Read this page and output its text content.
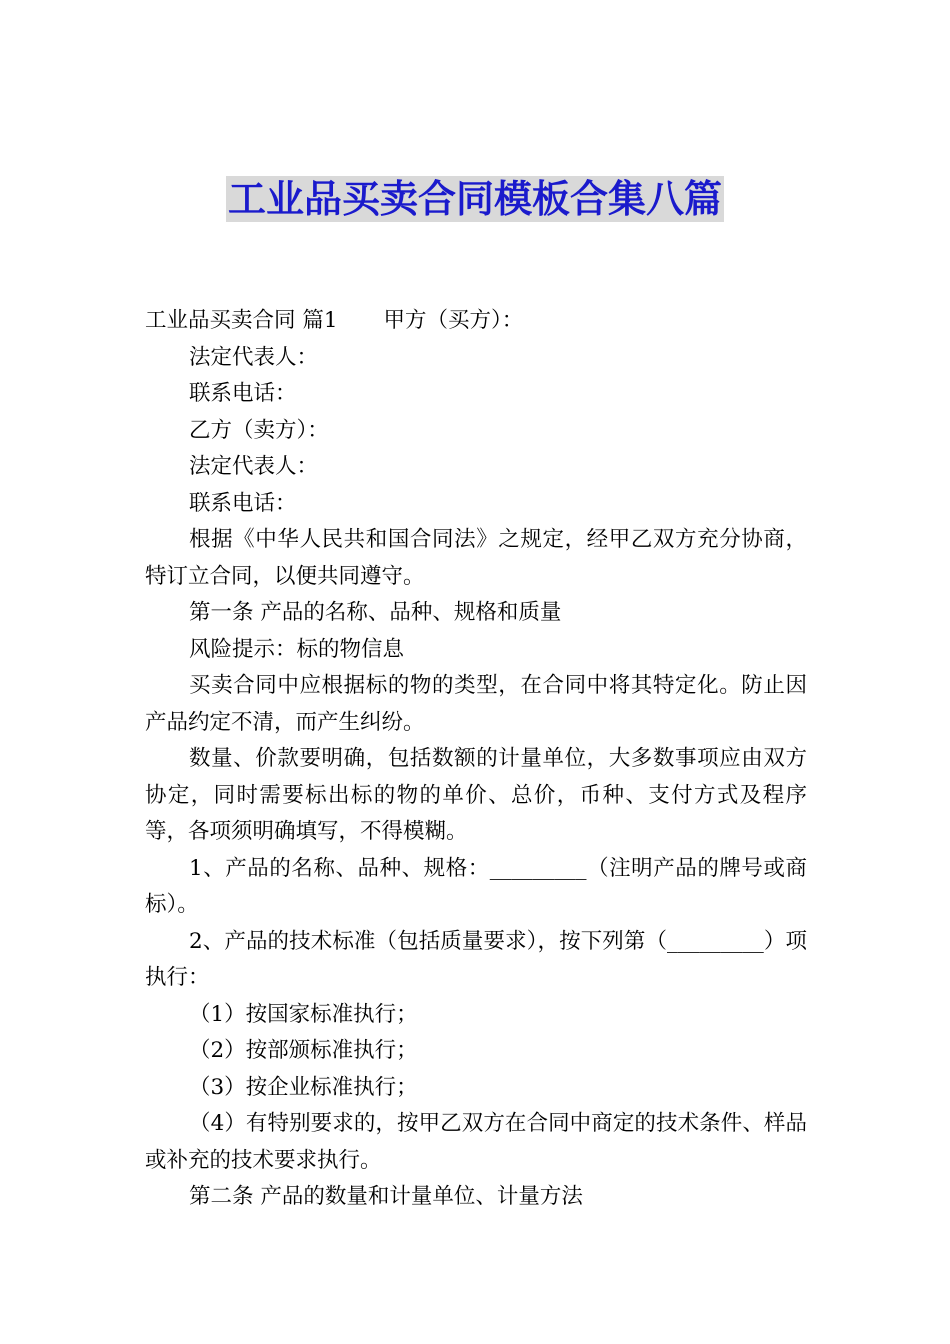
工业品买卖合同模板合集八篇

工业品买卖合同 篇1 甲方（买方）：

法定代表人：

联系电话：

乙方（卖方）：

法定代表人：

联系电话：

根据《中华人民共和国合同法》之规定，经甲乙双方充分协商，特订立合同，以便共同遵守。

第一条 产品的名称、品种、规格和质量

风险提示：标的物信息

买卖合同中应根据标的物的类型，在合同中将其特定化。防止因产品约定不清，而产生纠纷。

数量、价款要明确，包括数额的计量单位，大多数事项应由双方协定，同时需要标出标的物的单价、总价，币种、支付方式及程序等，各项须明确填写，不得模糊。

1、产品的名称、品种、规格：_________（注明产品的牌号或商标）。

2、产品的技术标准（包括质量要求），按下列第（_________）项执行：

（1）按国家标准执行；

（2）按部颁标准执行；

（3）按企业标准执行；

（4）有特别要求的，按甲乙双方在合同中商定的技术条件、样品或补充的技术要求执行。

第二条 产品的数量和计量单位、计量方法
